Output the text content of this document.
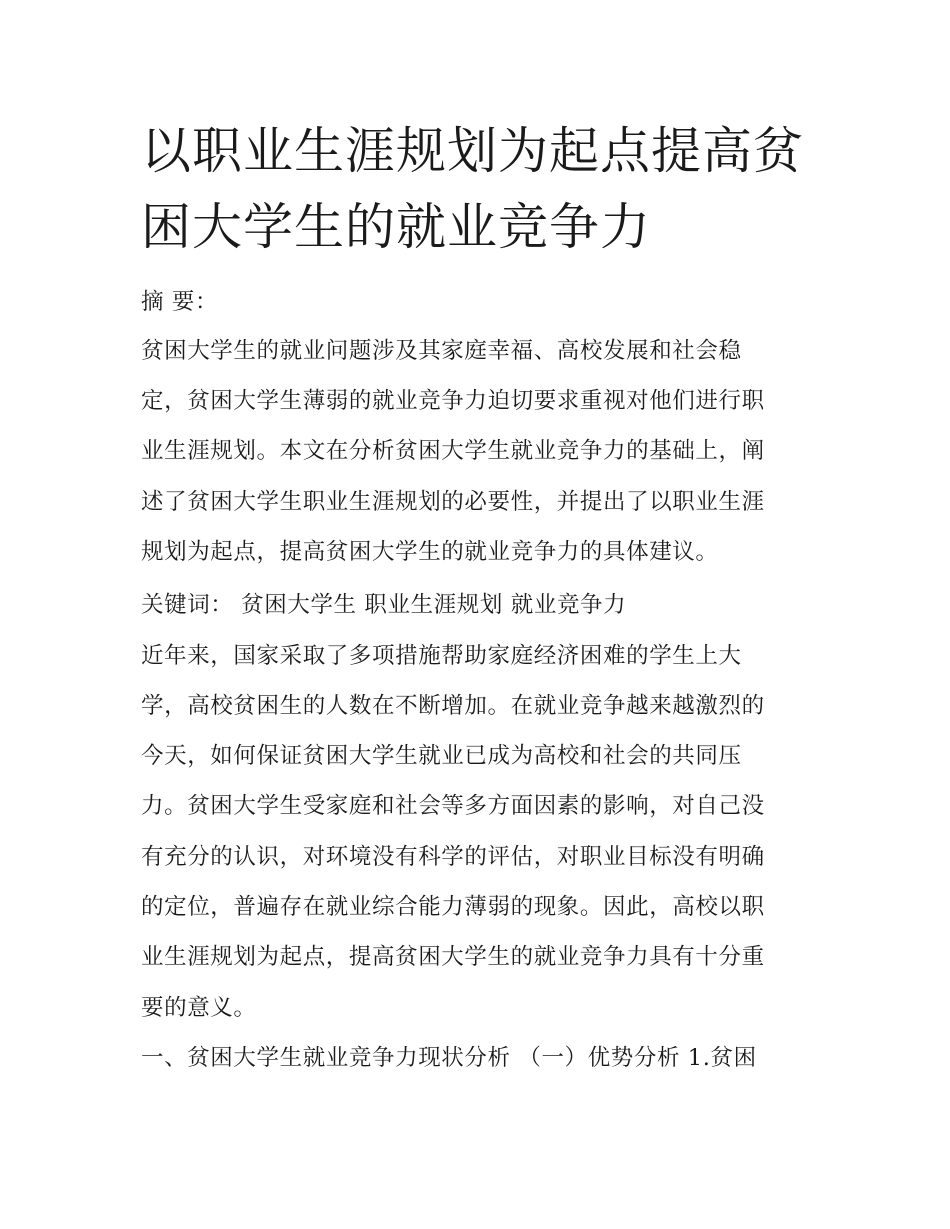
以职业生涯规划为起点提高贫困大学生的就业竞争力
摘 要：
贫困大学生的就业问题涉及其家庭幸福、高校发展和社会稳
定，贫困大学生薄弱的就业竞争力迫切要求重视对他们进行职
业生涯规划。本文在分析贫困大学生就业竞争力的基础上，阐
述了贫困大学生职业生涯规划的必要性，并提出了以职业生涯
规划为起点，提高贫困大学生的就业竞争力的具体建议。
关键词： 贫困大学生 职业生涯规划 就业竞争力
近年来，国家采取了多项措施帮助家庭经济困难的学生上大
学，高校贫困生的人数在不断增加。在就业竞争越来越激烈的
今天，如何保证贫困大学生就业已成为高校和社会的共同压
力。贫困大学生受家庭和社会等多方面因素的影响，对自己没
有充分的认识，对环境没有科学的评估，对职业目标没有明确
的定位，普遍存在就业综合能力薄弱的现象。因此，高校以职
业生涯规划为起点，提高贫困大学生的就业竞争力具有十分重
要的意义。
一、贫困大学生就业竞争力现状分析 （一）优势分析 1.贫困
